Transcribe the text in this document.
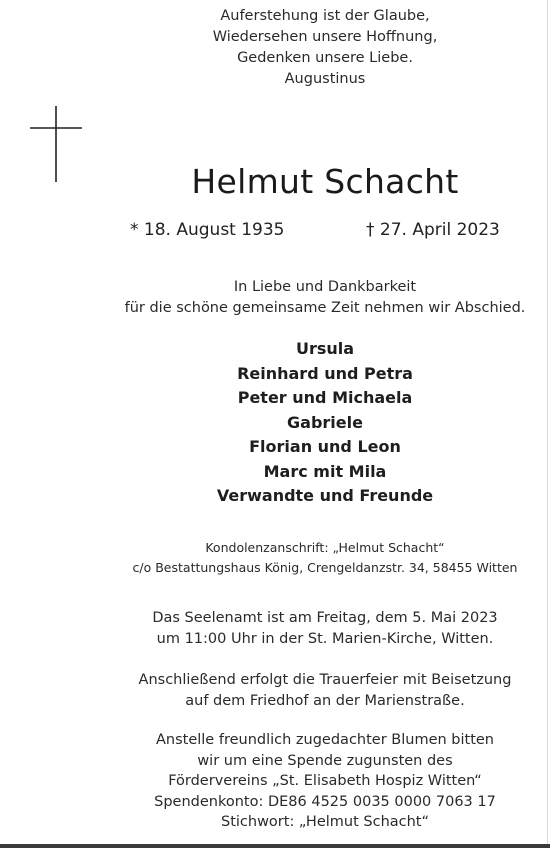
Auferstehung ist der Glaube,
Wiedersehen unsere Hoffnung,
Gedenken unsere Liebe.
Augustinus
Helmut Schacht
* 18. August 1935	† 27. April 2023
In Liebe und Dankbarkeit
für die schöne gemeinsame Zeit nehmen wir Abschied.
Ursula
Reinhard und Petra
Peter und Michaela
Gabriele
Florian und Leon
Marc mit Mila
Verwandte und Freunde
Kondolenzanschrift: „Helmut Schacht“
c/o Bestattungshaus König, Crengeldanzstr. 34, 58455 Witten
Das Seelenamt ist am Freitag, dem 5. Mai 2023
um 11:00 Uhr in der St. Marien-Kirche, Witten.
Anschließend erfolgt die Trauerfeier mit Beisetzung
auf dem Friedhof an der Marienstraße.
Anstelle freundlich zugedachter Blumen bitten
wir um eine Spende zugunsten des
Fördervereins „St. Elisabeth Hospiz Witten“
Spendenkonto: DE86 4525 0035 0000 7063 17
Stichwort: „Helmut Schacht“
